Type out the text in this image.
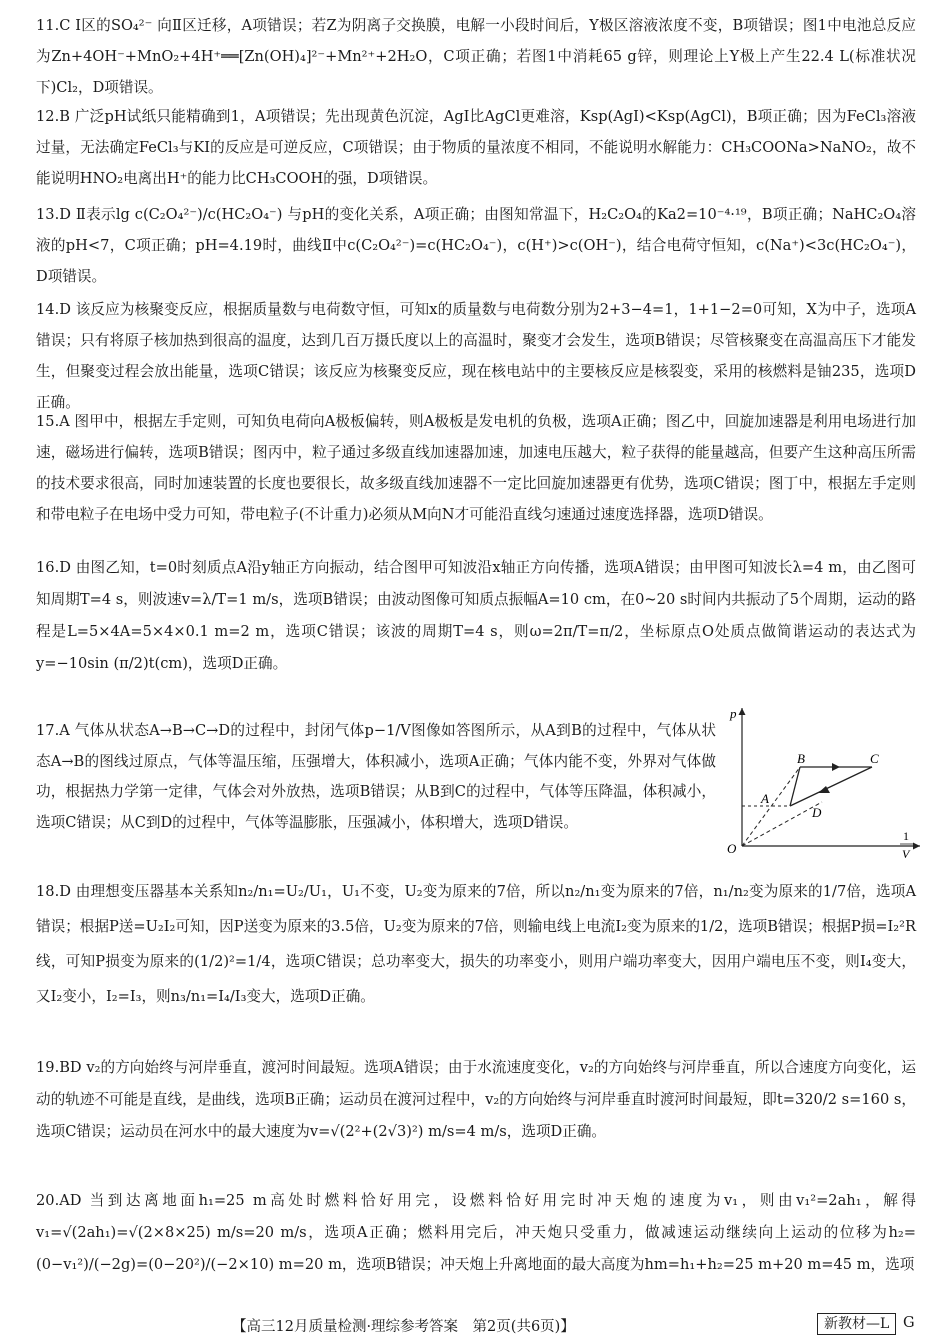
11.C Ⅰ区的SO₄²⁻ 向Ⅱ区迁移，A项错误；若Z为阴离子交换膜，电解一小段时间后，Y极区溶液浓度不变，B项错误；图1中电池总反应为Zn+4OH⁻+MnO₂+4H⁺══[Zn(OH)₄]²⁻+Mn²⁺+2H₂O，C项正确；若图1中消耗65 g锌，则理论上Y极上产生22.4 L(标准状况下)Cl₂，D项错误。
12.B 广泛pH试纸只能精确到1，A项错误；先出现黄色沉淀，AgI比AgCl更难溶，Ksp(AgI)<Ksp(AgCl)，B项正确；因为FeCl₃溶液过量，无法确定FeCl₃与KI的反应是可逆反应，C项错误；由于物质的量浓度不相同，不能说明水解能力：CH₃COONa>NaNO₂，故不能说明HNO₂电离出H⁺的能力比CH₃COOH的强，D项错误。
13.D Ⅱ表示lg c(C₂O₄²⁻)/c(HC₂O₄⁻) 与pH的变化关系，A项正确；由图知常温下，H₂C₂O₄的Ka2=10⁻⁴·¹⁹，B项正确；NaHC₂O₄溶液的pH<7，C项正确；pH=4.19时，曲线Ⅱ中c(C₂O₄²⁻)=c(HC₂O₄⁻)，c(H⁺)>c(OH⁻)，结合电荷守恒知，c(Na⁺)<3c(HC₂O₄⁻)，D项错误。
14.D 该反应为核聚变反应，根据质量数与电荷数守恒，可知x的质量数与电荷数分别为2+3−4=1，1+1−2=0可知，X为中子，选项A错误；只有将原子核加热到很高的温度，达到几百万摄氏度以上的高温时，聚变才会发生，选项B错误；尽管核聚变在高温高压下才能发生，但聚变过程会放出能量，选项C错误；该反应为核聚变反应，现在核电站中的主要核反应是核裂变，采用的核燃料是铀235，选项D正确。
15.A 图甲中，根据左手定则，可知负电荷向A极板偏转，则A极板是发电机的负极，选项A正确；图乙中，回旋加速器是利用电场进行加速，磁场进行偏转，选项B错误；图丙中，粒子通过多级直线加速器加速，加速电压越大，粒子获得的能量越高，但要产生这种高压所需的技术要求很高，同时加速装置的长度也要很长，故多级直线加速器不一定比回旋加速器更有优势，选项C错误；图丁中，根据左手定则和带电粒子在电场中受力可知，带电粒子(不计重力)必须从M向N才可能沿直线匀速通过速度选择器，选项D错误。
16.D 由图乙知，t=0时刻质点A沿y轴正方向振动，结合图甲可知波沿x轴正方向传播，选项A错误；由甲图可知波长λ=4 m，由乙图可知周期T=4 s，则波速v=λ/T=1 m/s，选项B错误；由波动图像可知质点振幅A=10 cm，在0~20 s时间内共振动了5个周期，运动的路程是L=5×4A=5×4×0.1 m=2 m，选项C错误；该波的周期T=4 s，则ω=2π/T=π/2，坐标原点O处质点做简谐运动的表达式为y=−10sin (π/2)t(cm)，选项D正确。
17.A 气体从状态A→B→C→D的过程中，封闭气体p−1/V图像如答图所示，从A到B的过程中，气体从状态A→B的图线过原点，气体等温压缩，压强增大，体积减小，选项A正确；气体内能不变，外界对气体做功，根据热力学第一定律，气体会对外放热，选项B错误；从B到C的过程中，气体等压降温，体积减小，选项C错误；从C到D的过程中，气体等温膨胀，压强减小，体积增大，选项D错误。
p
O
B	C
A
D
1
V
18.D 由理想变压器基本关系知n₂/n₁=U₂/U₁，U₁不变，U₂变为原来的7倍，所以n₂/n₁变为原来的7倍，n₁/n₂变为原来的1/7倍，选项A错误；根据P送=U₂I₂可知，因P送变为原来的3.5倍，U₂变为原来的7倍，则输电线上电流I₂变为原来的1/2，选项B错误；根据P损=I₂²R线，可知P损变为原来的(1/2)²=1/4，选项C错误；总功率变大，损失的功率变小，则用户端功率变大，因用户端电压不变，则I₄变大，又I₂变小，I₂=I₃，则n₃/n₁=I₄/I₃变大，选项D正确。
19.BD v₂的方向始终与河岸垂直，渡河时间最短。选项A错误；由于水流速度变化，v₂的方向始终与河岸垂直，所以合速度方向变化，运动的轨迹不可能是直线，是曲线，选项B正确；运动员在渡河过程中，v₂的方向始终与河岸垂直时渡河时间最短，即t=320/2 s=160 s，选项C错误；运动员在河水中的最大速度为v=√(2²+(2√3)²) m/s=4 m/s，选项D正确。
20.AD 当到达离地面h₁=25 m高处时燃料恰好用完，设燃料恰好用完时冲天炮的速度为v₁，则由v₁²=2ah₁，解得v₁=√(2ah₁)=√(2×8×25) m/s=20 m/s，选项A正确；燃料用完后，冲天炮只受重力，做减速运动继续向上运动的位移为h₂=(0−v₁²)/(−2g)=(0−20²)/(−2×10) m=20 m，选项B错误；冲天炮上升离地面的最大高度为hm=h₁+h₂=25 m+20 m=45 m，选项
【高三12月质量检测·理综参考答案　第2页(共6页)】	新教材—L G
